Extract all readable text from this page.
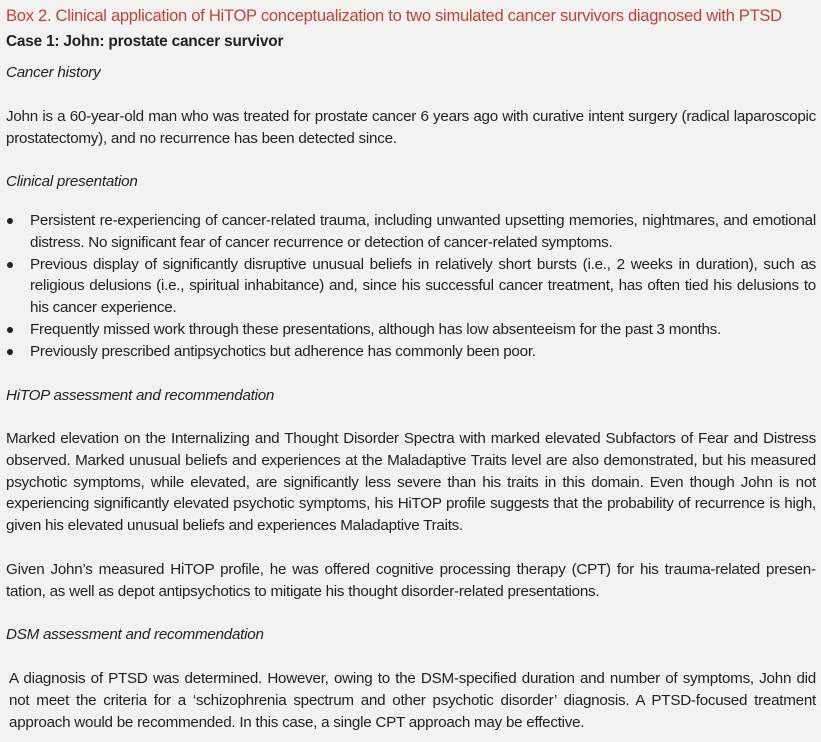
Box 2. Clinical application of HiTOP conceptualization to two simulated cancer survivors diagnosed with PTSD
Case 1: John: prostate cancer survivor
Cancer history

John is a 60-year-old man who was treated for prostate cancer 6 years ago with curative intent surgery (radical laparoscopic prostatectomy), and no recurrence has been detected since.

Clinical presentation
Persistent re-experiencing of cancer-related trauma, including unwanted upsetting memories, nightmares, and emotional distress. No significant fear of cancer recurrence or detection of cancer-related symptoms.
Previous display of significantly disruptive unusual beliefs in relatively short bursts (i.e., 2 weeks in duration), such as religious delusions (i.e., spiritual inhabitance) and, since his successful cancer treatment, has often tied his delusions to his cancer experience.
Frequently missed work through these presentations, although has low absenteeism for the past 3 months.
Previously prescribed antipsychotics but adherence has commonly been poor.
HiTOP assessment and recommendation

Marked elevation on the Internalizing and Thought Disorder Spectra with marked elevated Subfactors of Fear and Distress observed. Marked unusual beliefs and experiences at the Maladaptive Traits level are also demonstrated, but his measured psychotic symptoms, while elevated, are significantly less severe than his traits in this domain. Even though John is not experiencing significantly elevated psychotic symptoms, his HiTOP profile suggests that the probability of recurrence is high, given his elevated unusual beliefs and experiences Maladaptive Traits.

Given John’s measured HiTOP profile, he was offered cognitive processing therapy (CPT) for his trauma-related presentation, as well as depot antipsychotics to mitigate his thought disorder-related presentations.

DSM assessment and recommendation

A diagnosis of PTSD was determined. However, owing to the DSM-specified duration and number of symptoms, John did not meet the criteria for a ‘schizophrenia spectrum and other psychotic disorder’ diagnosis. A PTSD-focused treatment approach would be recommended. In this case, a single CPT approach may be effective.
